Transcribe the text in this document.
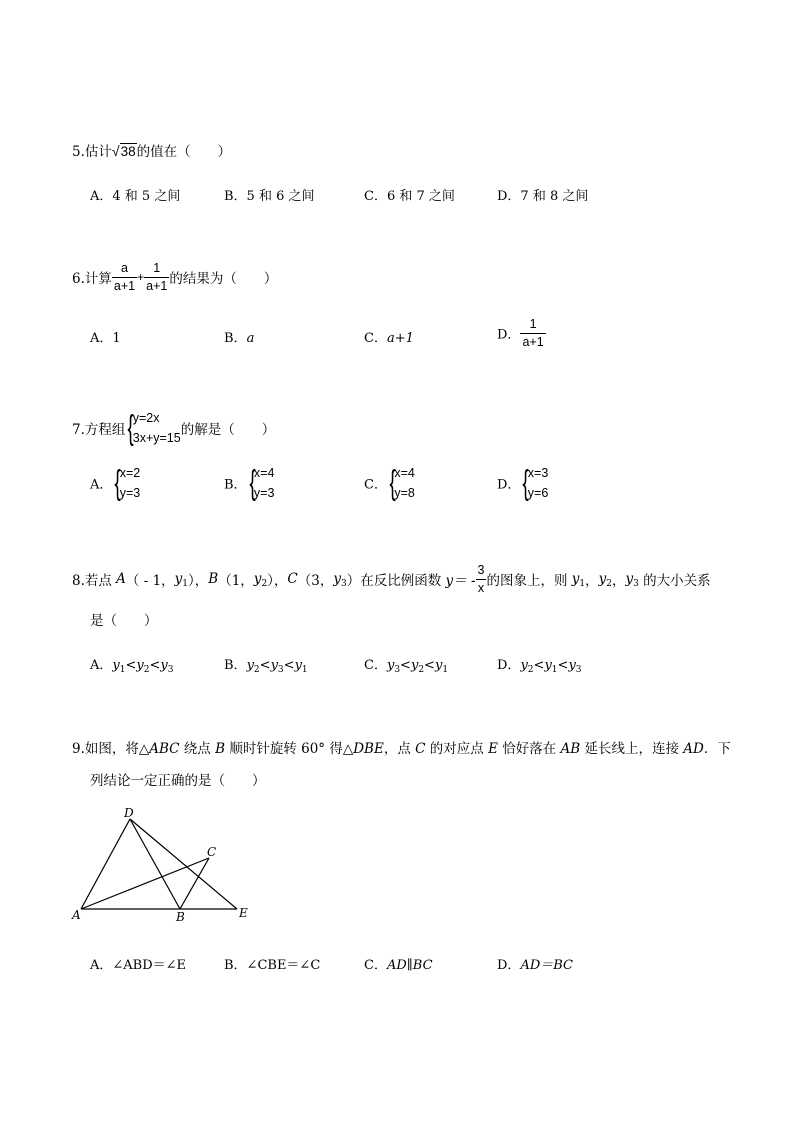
5.估计√38的值在（　　）
A．4 和 5 之间	B．5 和 6 之间	C．6 和 7 之间	D．7 和 8 之间
6.计算 $\frac{a}{a+1} + \frac{1}{a+1}$ 的结果为（　　）
A．1	B．a	C．a+1	D． $\frac{1}{a+1}$
7.方程组{
y=2x
3x+y=15 的解是（　　）
A．{
x=2
y=3
B．{
x=4
y=3
C．{
x=4
y=8
D．{
x=3
y=6
8.若点 A（ - 1，$y_1$），B（1，$y_2$），C（3，$y_3$）在反比例函数 $y= - \frac{3}{x}$ 的图象上，则 $y_1$，$y_2$，$y_3$ 的大小关系
是（　　）
A．$y_1<y_2<y_3$	B．$y_2<y_3<y_1$	C．$y_3<y_2<y_1$	D．$y_2<y_1<y_3$
9.如图，将△ABC 绕点 B 顺时针旋转 60° 得△DBE，点 C 的对应点 E 恰好落在 AB 延长线上，连接 AD．下
列结论一定正确的是（　　）
D
C
A	B	E
A．∠ABD＝∠E	B．∠CBE＝∠C	C．AD∥BC	D．AD＝BC
